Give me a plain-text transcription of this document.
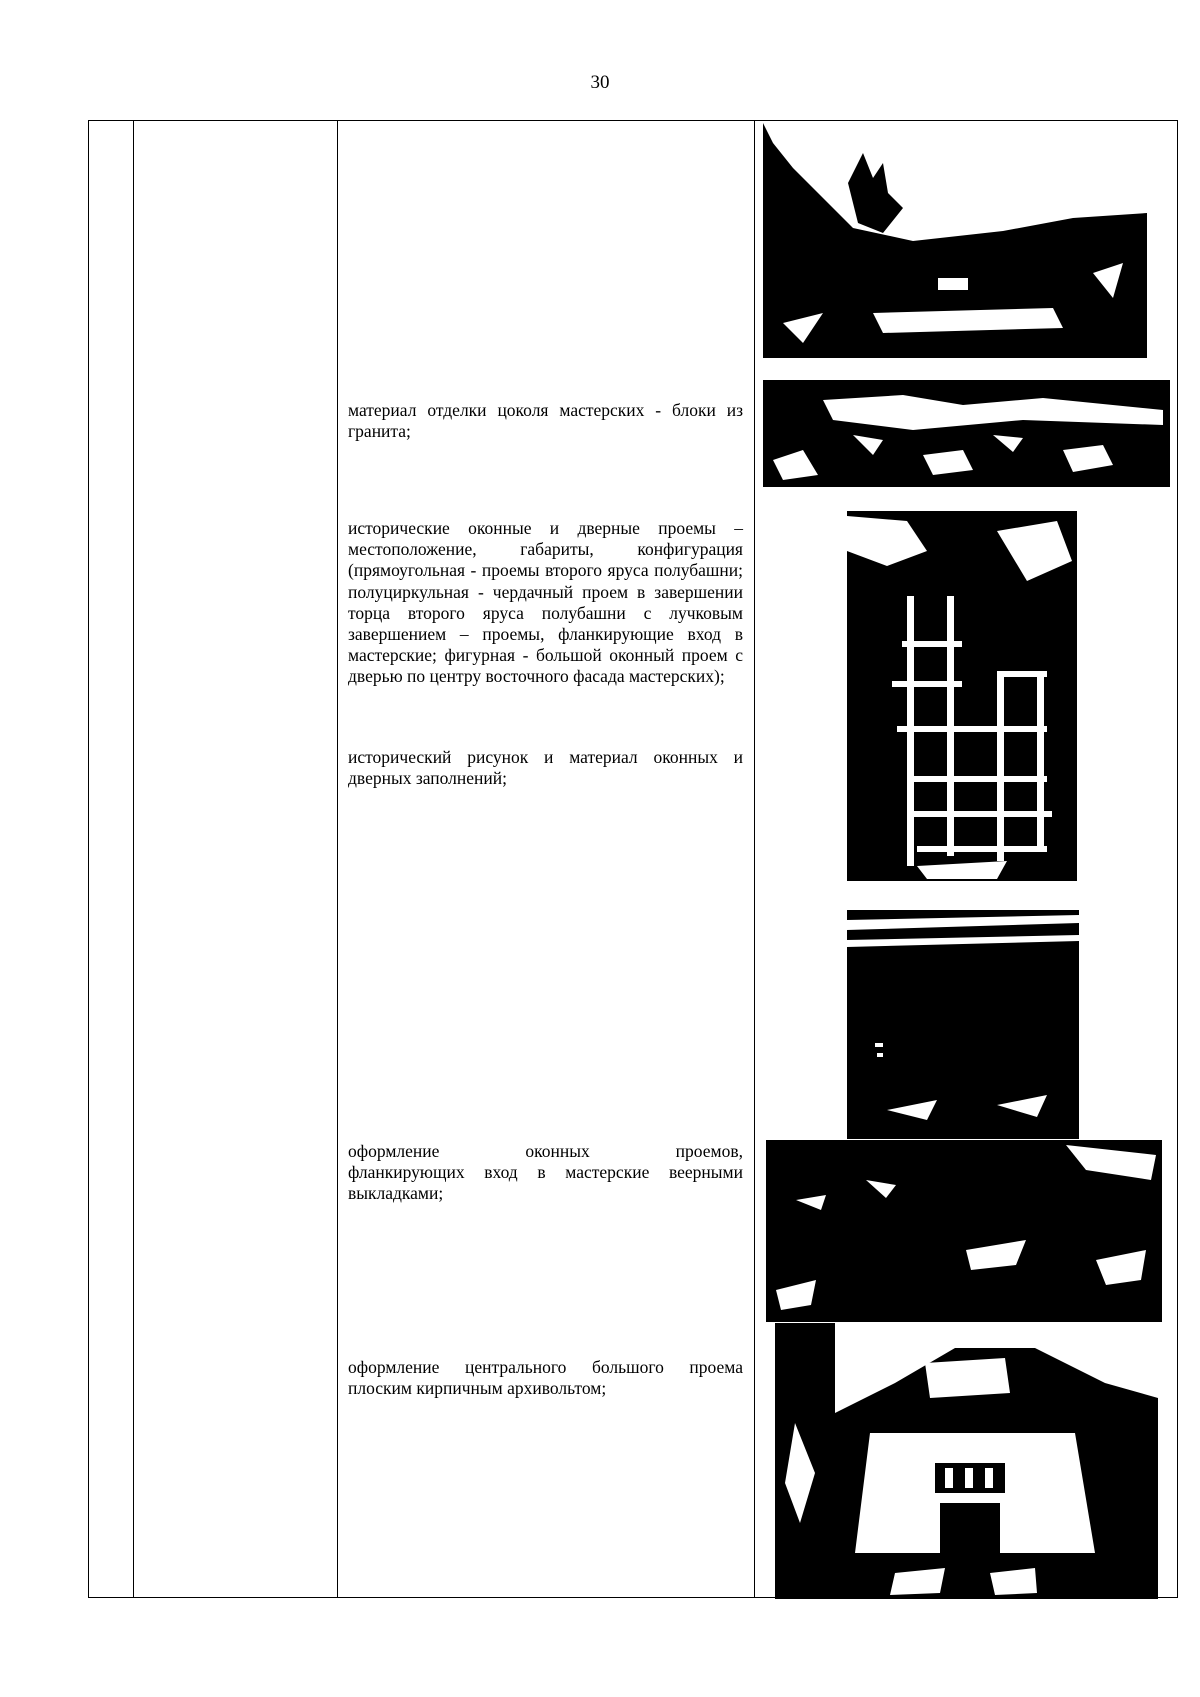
30
материал отделки цоколя мастерских - блоки из гранита;
исторические оконные и дверные проемы – местоположение, габариты, конфигурация (прямоугольная - проемы второго яруса полубашни; полуциркульная - чердачный проем в завершении торца второго яруса полубашни с лучковым завершением – проемы, фланкирующие вход в мастерские; фигурная - большой оконный проем с дверью по центру восточного фасада мастерских);
исторический рисунок и материал оконных и дверных заполнений;
оформление оконных проемов,
фланкирующих вход в мастерские веерными выкладками;
оформление центрального большого проема плоским кирпичным архивольтом;
